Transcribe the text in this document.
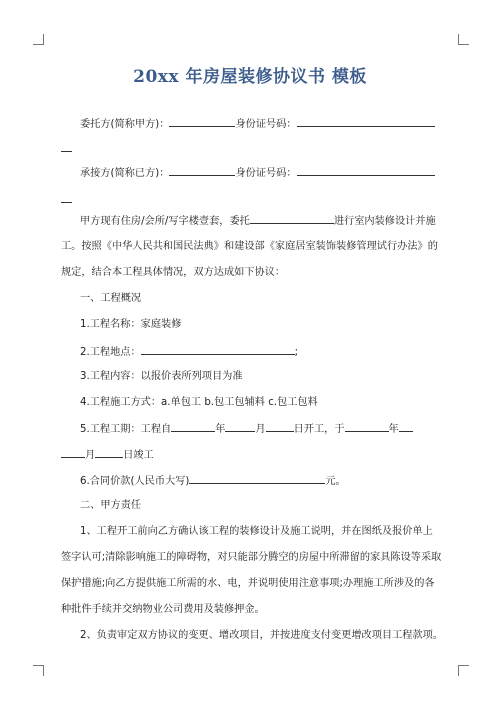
20xx 年房屋装修协议书 模板
委托方(简称甲方)：	身份证号码：
承接方(简称已方)：	身份证号码：
甲方现有住房/会所/写字楼壹套，委托	进行室内装修设计并施
工。按照《中华人民共和国民法典》和建设部《家庭居室装饰装修管理试行办法》的
规定，结合本工程具体情况，双方达成如下协议：
一、工程概况
1.工程名称：家庭装修
2.工程地点：	;
3.工程内容：以报价表所列项目为准
4.工程施工方式：a.单包工 b.包工包辅料 c.包工包料
5.工程工期：工程自	年	月	日开工，于	年
月	日竣工
6.合同价款(人民币大写)	元。
二、甲方责任
1、工程开工前向乙方确认该工程的装修设计及施工说明，并在图纸及报价单上
签字认可;清除影响施工的障碍物，对只能部分腾空的房屋中所滞留的家具陈设等采取
保护措施;向乙方提供施工所需的水、电，并说明使用注意事项;办理施工所涉及的各
种批件手续并交纳物业公司费用及装修押金。
2、负责审定双方协议的变更、增改项目，并按进度支付变更增改项目工程款项。
